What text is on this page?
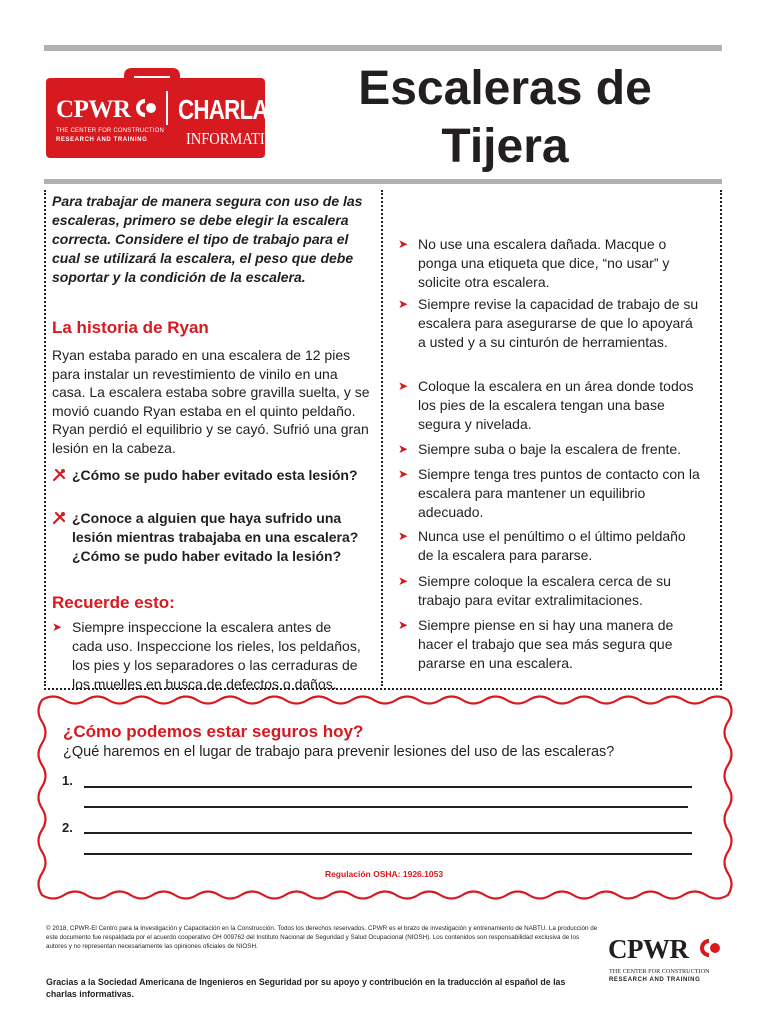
CPWR CHARLA
INFORMATIVA
THE CENTER FOR CONSTRUCTION
RESEARCH AND TRAINING
Escaleras de
Tijera
Para trabajar de manera segura con uso de las escaleras, primero se debe elegir la escalera correcta. Considere el tipo de trabajo para el cual se utilizará la escalera, el peso que debe soportar y la condición de la escalera.
La historia de Ryan
Ryan estaba parado en una escalera de 12 pies para instalar un revestimiento de vinilo en una casa. La escalera estaba sobre gravilla suelta, y se movió cuando Ryan estaba en el quinto peldaño. Ryan perdió el equilibrio y se cayó. Sufrió una gran lesión en la cabeza.
¿Cómo se pudo haber evitado esta lesión?
¿Conoce a alguien que haya sufrido una lesión mientras trabajaba en una escalera? ¿Cómo se pudo haber evitado la lesión?
Recuerde esto:
➤ Siempre inspeccione la escalera antes de cada uso. Inspeccione los rieles, los peldaños, los pies y los separadores o las cerraduras de los muelles en busca de defectos o daños.
➤ No use una escalera dañada. Macque o ponga una etiqueta que dice, “no usar” y solicite otra escalera.
➤ Siempre revise la capacidad de trabajo de su escalera para asegurarse de que lo apoyará a usted y a su cinturón de herramientas.
➤ Coloque la escalera en un área donde todos los pies de la escalera tengan una base segura y nivelada.
➤ Siempre suba o baje la escalera de frente.
➤ Siempre tenga tres puntos de contacto con la escalera para mantener un equilibrio adecuado.
➤ Nunca use el penúltimo o el último peldaño de la escalera para pararse.
➤ Siempre coloque la escalera cerca de su trabajo para evitar extralimitaciones.
➤ Siempre piense en si hay una manera de hacer el trabajo que sea más segura que pararse en una escalera.
¿Cómo podemos estar seguros hoy?
¿Qué haremos en el lugar de trabajo para prevenir lesiones del uso de las escaleras?
1.
2.
Regulación OSHA: 1926.1053
© 2018, CPWR-El Centro para la Investigación y Capacitación en la Construcción. Todos los derechos reservados. CPWR es el brazo de investigación y entrenamiento de NABTU. La producción de este documento fue respaldada por el acuerdo cooperativo OH 009762 del Instituto Nacional de Seguridad y Salud Ocupacional (NIOSH). Los contenidos son responsabilidad exclusiva de los autores y no representan necesariamente las opiniones oficiales de NIOSH.
Gracias a la Sociedad Americana de Ingenieros en Seguridad por su apoyo y contribución en la traducción al español de las charlas informativas.
CPWR
THE CENTER FOR CONSTRUCTION
RESEARCH AND TRAINING
